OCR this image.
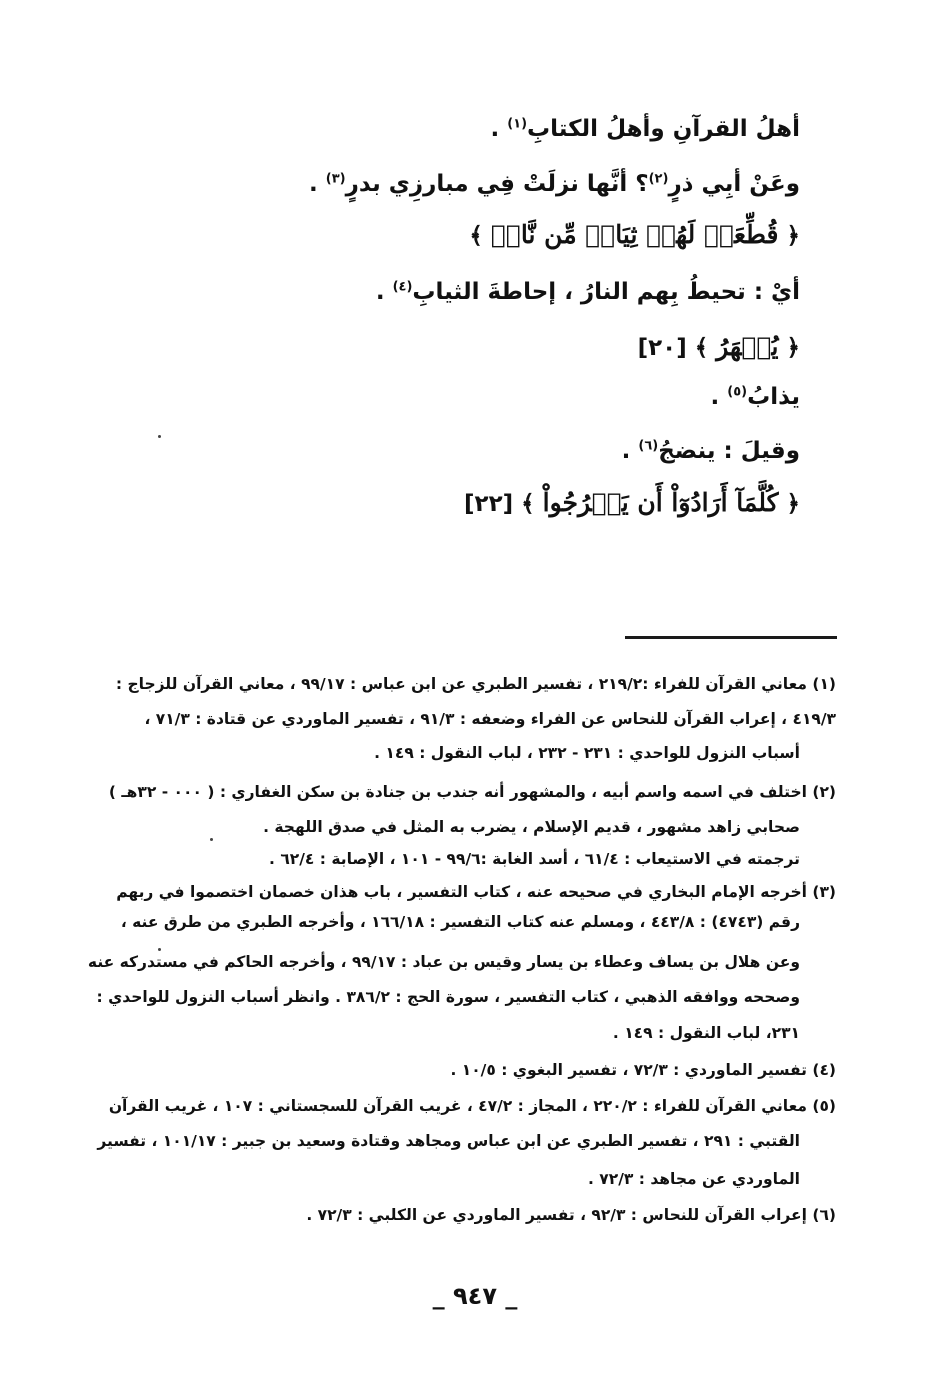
أهلُ القرآنِ وأهلُ الكتابِ$^{(١)}$ .
وعَنْ أبِي ذرٍ$^{(٢)}$؟ أنَّها نزلَتْ فِي مبارزِي بدرٍ$^{(٣)}$ .
﴿ قُطِّعَتۡ لَهُمۡ ثِيَابٞ مِّن نَّارٖ ﴾
أيْ : تحيطُ بِهم النارُ ، إحاطةَ الثيابِ$^{(٤)}$ .
﴿ يُصۡهَرُ ﴾ [٢٠]
يذابُ$^{(٥)}$ .
وقيلَ : ينضجُ$^{(٦)}$ .
﴿ كُلَّمَآ أَرَادُوٓاْ أَن يَخۡرُجُواْ ﴾ [٢٢]
(١) معاني القرآن للفراء :٢١٩/٢ ، تفسير الطبري عن ابن عباس : ٩٩/١٧ ، معاني القرآن للزجاج :
٤١٩/٣ ، إعراب القرآن للنحاس عن الفراء وضعفه : ٩١/٣ ، تفسير الماوردي عن قتادة : ٧١/٣ ،
أسباب النزول للواحدي : ٢٣١ - ٢٣٢ ، لباب النقول : ١٤٩ .
(٢) اختلف في اسمه واسم أبيه ، والمشهور أنه جندب بن جنادة بن سكن الغفاري : ( ٠٠٠ - ٣٢هـ )
صحابي زاهد مشهور ، قديم الإسلام ، يضرب به المثل في صدق اللهجة .
ترجمته في الاستيعاب : ٦١/٤ ، أسد الغابة :٩٩/٦ - ١٠١ ، الإصابة : ٦٢/٤ .
(٣) أخرجه الإمام البخاري في صحيحه عنه ، كتاب التفسير ، باب هذان خصمان اختصموا في ربهم
رقم (٤٧٤٣) : ٤٤٣/٨ ، ومسلم عنه كتاب التفسير : ١٦٦/١٨ ، وأخرجه الطبري من طرق عنه ،
وعن هلال بن يساف وعطاء بن يسار وقيس بن عباد : ٩٩/١٧ ، وأخرجه الحاكم في مستدركه عنه
وصححه ووافقه الذهبي ، كتاب التفسير ، سورة الحج : ٣٨٦/٢ . وانظر أسباب النزول للواحدي :
٢٣١، لباب النقول : ١٤٩ .
(٤) تفسير الماوردي : ٧٢/٣ ، تفسير البغوي : ١٠/٥ .
(٥) معاني القرآن للفراء : ٢٢٠/٢ ، المجاز : ٤٧/٢ ، غريب القرآن للسجستاني : ١٠٧ ، غريب القرآن
القتبي : ٢٩١ ، تفسير الطبري عن ابن عباس ومجاهد وقتادة وسعيد بن جبير : ١٠١/١٧ ، تفسير
الماوردي عن مجاهد : ٧٢/٣ .
(٦) إعراب القرآن للنحاس : ٩٢/٣ ، تفسير الماوردي عن الكلبي : ٧٢/٣ .
_ ٩٤٧ _
